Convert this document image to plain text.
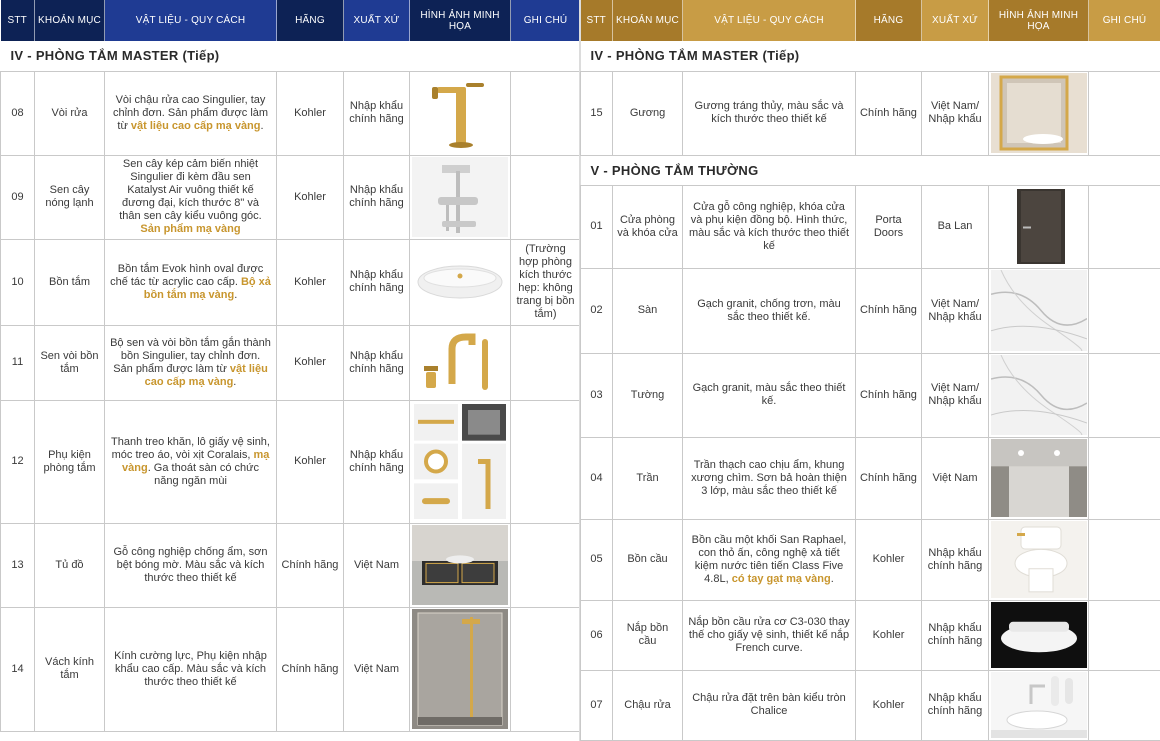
STT	KHOẢN MỤC	VẬT LIỆU - QUY CÁCH	HÃNG	XUẤT XỨ	HÌNH ẢNH MINH HỌA	GHI CHÚ
IV - PHÒNG TẮM MASTER (Tiếp)						
08	Vòi rửa	Vòi chậu rửa cao Singulier, tay chỉnh đơn. Sản phẩm được làm từ vật liệu cao cấp mạ vàng.	Kohler	Nhập khẩu chính hãng	

09	Sen cây nóng lạnh	Sen cây kép cảm biến nhiệt Singulier đi kèm đầu sen Katalyst Air vuông thiết kế đương đại, kích thước 8" và thân sen cây kiểu vuông góc. Sản phẩm mạ vàng	Kohler	Nhập khẩu chính hãng	

10	Bồn tắm	Bồn tắm Evok hình oval được chế tác từ acrylic cao cấp. Bộ xả bồn tắm mạ vàng.	Kohler	Nhập khẩu chính hãng		(Trường hợp phòng kích thước hẹp: không trang bị bồn tắm)
11	Sen vòi bồn tắm	Bộ sen và vòi bồn tắm gắn thành bồn Singulier, tay chỉnh đơn. Sản phẩm được làm từ vật liệu cao cấp mạ vàng.	Kohler	Nhập khẩu chính hãng	

12	Phụ kiện phòng tắm	Thanh treo khăn, lô giấy vệ sinh, móc treo áo, vòi xịt Coralais, mạ vàng. Ga thoát sàn có chức năng ngăn mùi	Kohler	Nhập khẩu chính hãng	

13	Tủ đồ	Gỗ công nghiệp chống ẩm, sơn bệt bóng mờ. Màu sắc và kích thước theo thiết kế	Chính hãng	Việt Nam	

14	Vách kính tắm	Kính cường lực, Phụ kiện nhập khẩu cao cấp. Màu sắc và kích thước theo thiết kế	Chính hãng	Việt Nam	

STT	KHOẢN MỤC	VẬT LIỆU - QUY CÁCH	HÃNG	XUẤT XỨ	HÌNH ẢNH MINH HỌA	GHI CHÚ
IV - PHÒNG TẮM MASTER (Tiếp)						
15	Gương	Gương tráng thủy, màu sắc và kích thước theo thiết kế	Chính hãng	Việt Nam/ Nhập khẩu	

V - PHÒNG TẮM THƯỜNG						
01	Cửa phòng và khóa cửa	Cửa gỗ công nghiệp, khóa cửa và phụ kiện đồng bộ. Hình thức, màu sắc và kích thước theo thiết kế	Porta Doors	Ba Lan	

02	Sàn	Gạch granit, chống trơn, màu sắc theo thiết kế.	Chính hãng	Việt Nam/ Nhập khẩu	

03	Tường	Gạch granit, màu sắc theo thiết kế.	Chính hãng	Việt Nam/ Nhập khẩu	

04	Trần	Trần thạch cao chịu ẩm, khung xương chìm. Sơn bả hoàn thiện 3 lớp, màu sắc theo thiết kế	Chính hãng	Việt Nam	

05	Bồn cầu	Bồn cầu một khối San Raphael, con thỏ ấn, công nghệ xả tiết kiệm nước tiên tiến Class Five 4.8L, có tay gạt mạ vàng.	Kohler	Nhập khẩu chính hãng	

06	Nắp bồn cầu	Nắp bồn cầu rửa cơ C3-030 thay thế cho giấy vệ sinh, thiết kế nắp French curve.	Kohler	Nhập khẩu chính hãng	

07	Chậu rửa	Chậu rửa đặt trên bàn kiểu tròn Chalice	Kohler	Nhập khẩu chính hãng	
